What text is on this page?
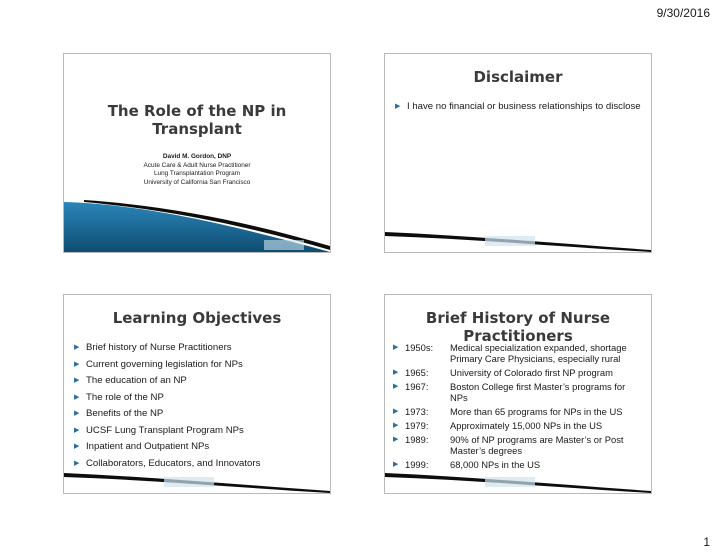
9/30/2016
The Role of the NP in Transplant
David M. Gordon, DNP
Acute Care & Adult Nurse Practitioner
Lung Transplantation Program
University of California San Francisco
Disclaimer
▶ I have no financial or business relationships to disclose
Learning Objectives
▶ Brief history of Nurse Practitioners
▶ Current governing legislation for NPs
▶ The education of an NP
▶ The role of the NP
▶ Benefits of the NP
▶ UCSF Lung Transplant Program NPs
▶ Inpatient and Outpatient NPs
▶ Collaborators, Educators, and Innovators
Brief History of Nurse Practitioners
▶ 1950s: Medical specialization expanded, shortage Primary Care Physicians, especially rural
▶ 1965: University of Colorado first NP program
▶ 1967: Boston College first Master’s programs for NPs
▶ 1973: More than 65 programs for NPs in the US
▶ 1979: Approximately 15,000 NPs in the US
▶ 1989: 90% of NP programs are Master’s or Post Master’s degrees
▶ 1999: 68,000 NPs in the US
1
